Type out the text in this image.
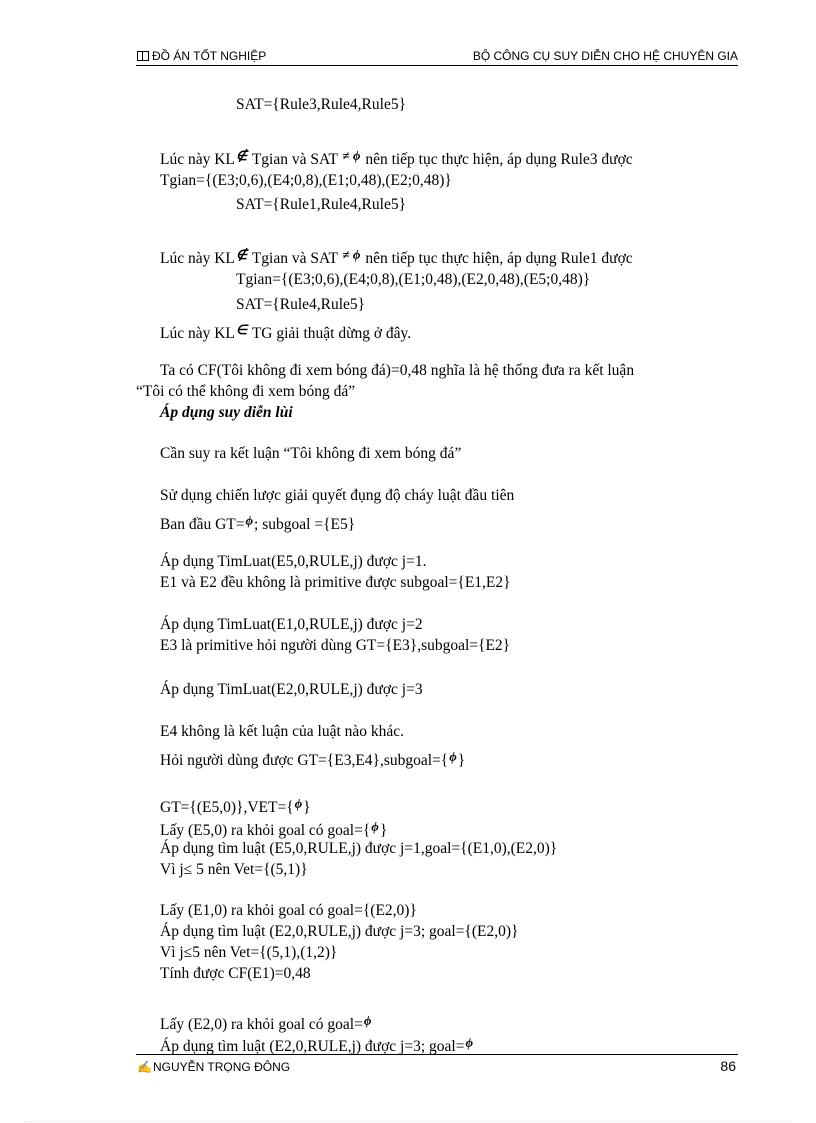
ĐỒ ÁN TỐT NGHIỆP	BỘ CÔNG CỤ SUY DIỄN CHO HỆ CHUYÊN GIA
SAT={Rule3,Rule4,Rule5}
Lúc này KL∉ Tgian và SAT $^{\ne \phi}$ nên tiếp tục thực hiện, áp dụng Rule3 được
Tgian={(E3;0,6),(E4;0,8),(E1;0,48),(E2;0,48)}
SAT={Rule1,Rule4,Rule5}
Lúc này KL∉ Tgian và SAT $^{\ne \phi}$ nên tiếp tục thực hiện, áp dụng Rule1 được
Tgian={(E3;0,6),(E4;0,8),(E1;0,48),(E2,0,48),(E5;0,48)}
SAT={Rule4,Rule5}
Lúc này KL∈ TG giải thuật dừng ở đây.
Ta có CF(Tôi không đi xem bóng đá)=0,48 nghĩa là hệ thống đưa ra kết luận
“Tôi có thể không đi xem bóng đá”
Áp dụng suy diễn lùi
Cần suy ra kết luận “Tôi không đi xem bóng đá”
Sử dụng chiến lược giải quyết đụng độ cháy luật đầu tiên
Ban đầu GT=$^\phi$; subgoal ={E5}
Áp dụng TimLuat(E5,0,RULE,j) được j=1.
E1 và E2 đều không là primitive được subgoal={E1,E2}
Áp dụng TimLuat(E1,0,RULE,j) được j=2
E3 là primitive hỏi người dùng GT={E3},subgoal={E2}
Áp dụng TimLuat(E2,0,RULE,j) được j=3
E4 không là kết luận của luật nào khác.
Hỏi người dùng được GT={E3,E4},subgoal={$^\phi$}
GT={(E5,0)},VET={$^\phi$}
Lấy (E5,0) ra khỏi goal có goal={$^\phi$}
Áp dụng tìm luật (E5,0,RULE,j) được j=1,goal={(E1,0),(E2,0)}
Vì j≤ 5 nên Vet={(5,1)}
Lấy (E1,0) ra khỏi goal có goal={(E2,0)}
Áp dụng tìm luật (E2,0,RULE,j) được j=3; goal={(E2,0)}
Vì j≤5 nên Vet={(5,1),(1,2)}
Tính được CF(E1)=0,48
Lấy (E2,0) ra khỏi goal có goal=$^\phi$
Áp dụng tìm luật (E2,0,RULE,j) được j=3; goal=$^\phi$
✍NGUYỄN TRỌNG ĐÔNG	86
